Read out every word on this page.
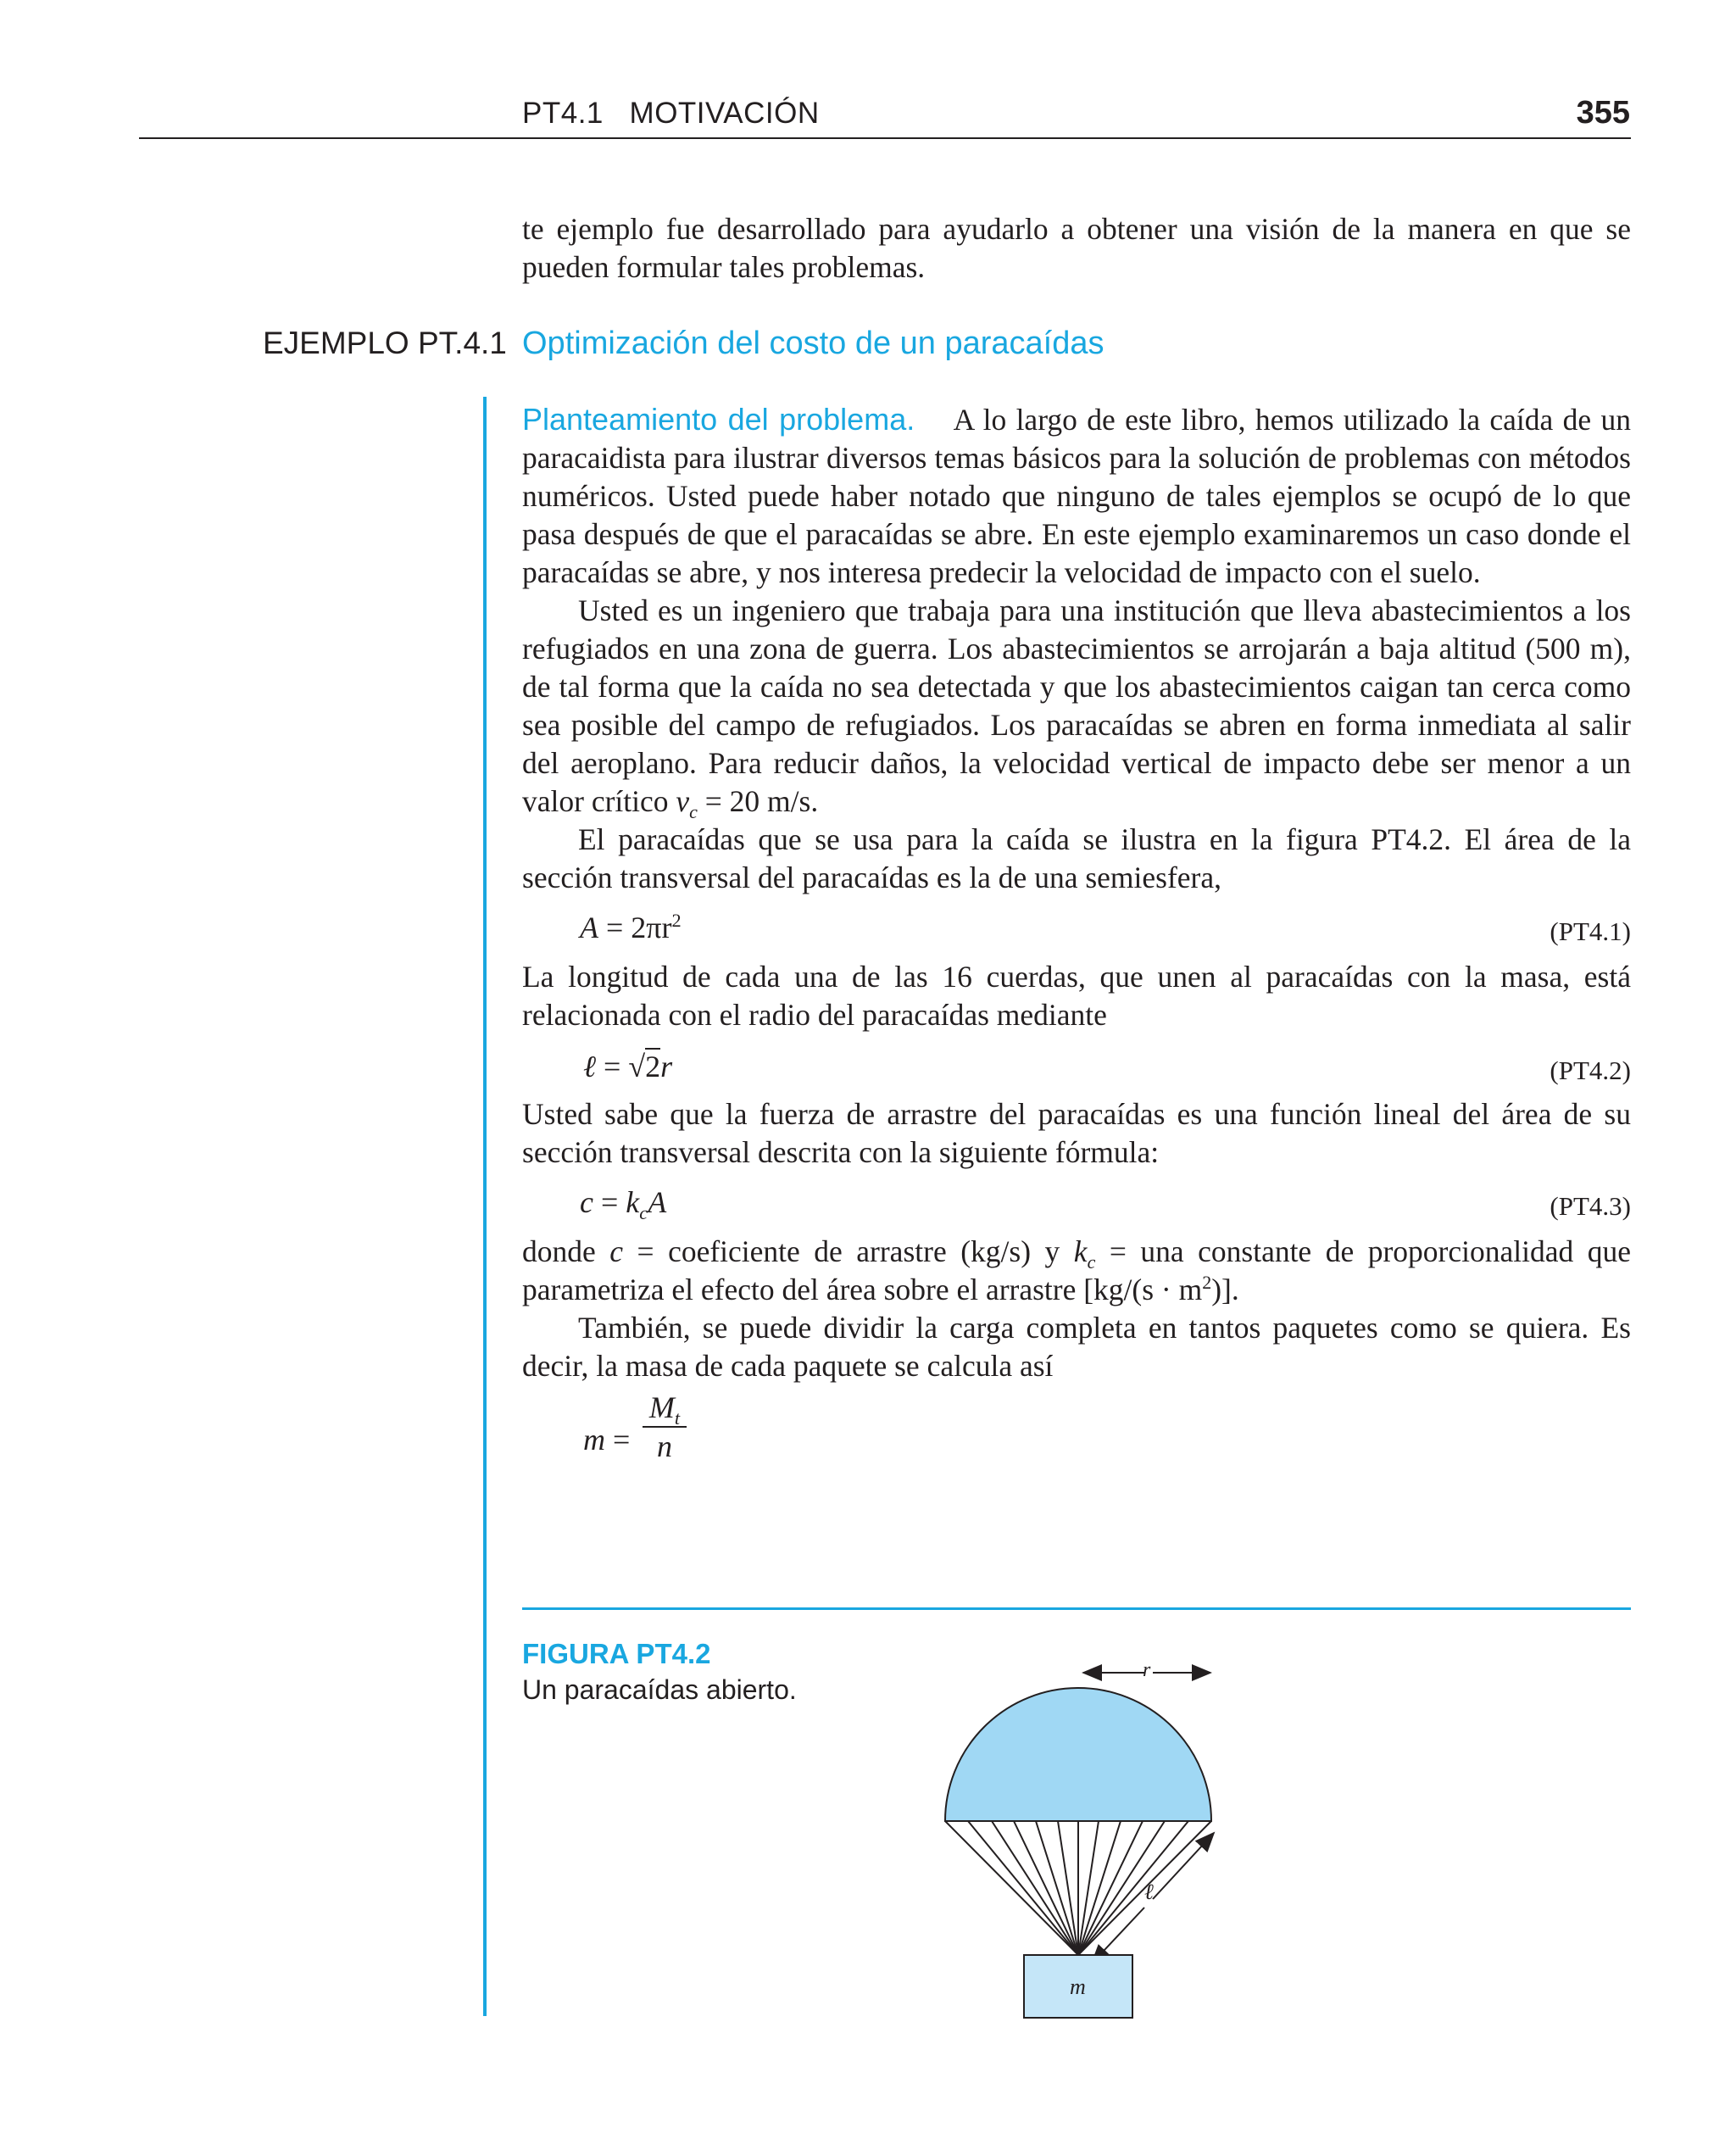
PT4.1   MOTIVACIÓN	355

te ejemplo fue desarrollado para ayudarlo a obtener una visión de la manera en que se pueden formular tales problemas.

EJEMPLO PT.4.1 Optimización del costo de un paracaídas

Planteamiento del problema. A lo largo de este libro, hemos utilizado la caída de un paracaidista para ilustrar diversos temas básicos para la solución de problemas con métodos numéricos. Usted puede haber notado que ninguno de tales ejemplos se ocupó de lo que pasa después de que el paracaídas se abre. En este ejemplo examinaremos un caso donde el paracaídas se abre, y nos interesa predecir la velocidad de impacto con el suelo.

Usted es un ingeniero que trabaja para una institución que lleva abastecimientos a los refugiados en una zona de guerra. Los abastecimientos se arrojarán a baja altitud (500 m), de tal forma que la caída no sea detectada y que los abastecimientos caigan tan cerca como sea posible del campo de refugiados. Los paracaídas se abren en forma inmediata al salir del aeroplano. Para reducir daños, la velocidad vertical de impacto debe ser menor a un valor crítico $v_c = 20$ m/s.

El paracaídas que se usa para la caída se ilustra en la figura PT4.2. El área de la sección transversal del paracaídas es la de una semiesfera,

$A = 2\pi r^2$	(PT4.1)

La longitud de cada una de las 16 cuerdas, que unen al paracaídas con la masa, está relacionada con el radio del paracaídas mediante

ℓ = √2r	(PT4.2)

Usted sabe que la fuerza de arrastre del paracaídas es una función lineal del área de su sección transversal descrita con la siguiente fórmula:

$c = k_cA$	(PT4.3)

donde c = coeficiente de arrastre (kg/s) y $k_c$ = una constante de proporcionalidad que parametriza el efecto del área sobre el arrastre $[kg/(s \cdot m^2)]$.

También, se puede dividir la carga completa en tantos paquetes como se quiera. Es decir, la masa de cada paquete se calcula así

$m = \frac{M_t}{n}$
FIGURA PT4.2
Un paracaídas abierto.
r
ℓ
m
